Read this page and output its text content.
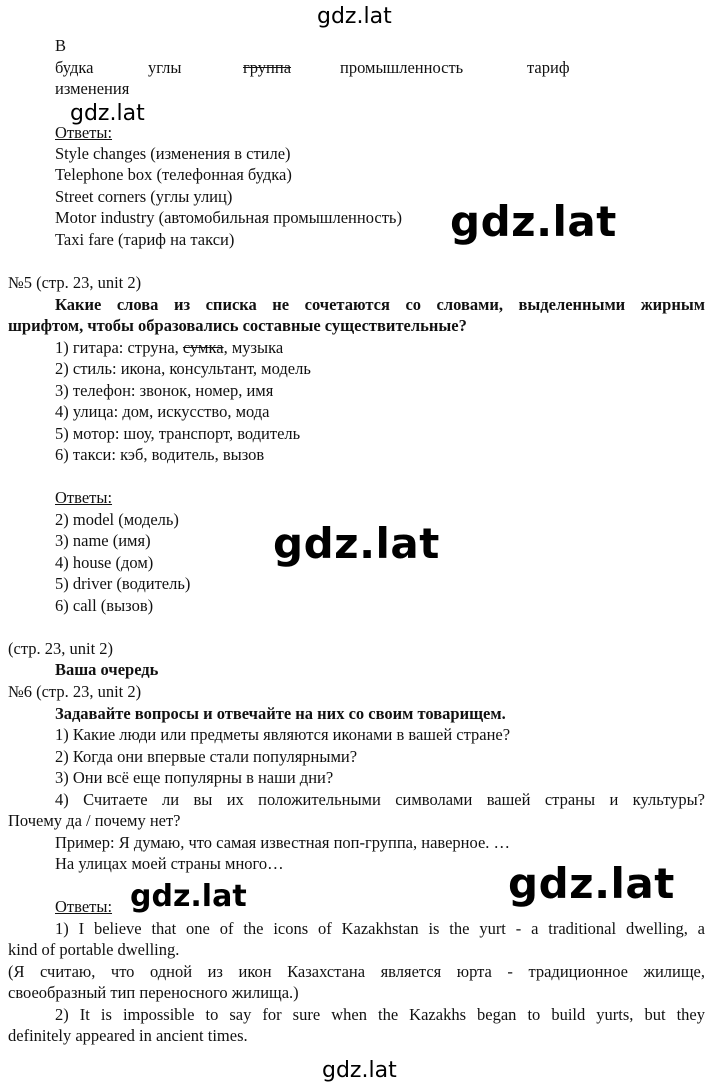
gdz.lat
gdz.lat
gdz.lat
gdz.lat
gdz.lat
gdz.lat
gdz.lat
В
будка	углы	группа	промышленность	тариф
изменения
Ответы:
Style changes (изменения в стиле)
Telephone box (телефонная будка)
Street corners (углы улиц)
Motor industry (автомобильная промышленность)
Taxi fare (тариф на такси)
№5 (стр. 23, unit 2)
Какие слова из списка не сочетаются со словами, выделенными жирным
шрифтом, чтобы образовались составные существительные?
1) гитара: струна, сумка, музыка
2) стиль: икона, консультант, модель
3) телефон: звонок, номер, имя
4) улица: дом, искусство, мода
5) мотор: шоу, транспорт, водитель
6) такси: кэб, водитель, вызов
Ответы:
2) model (модель)
3) name (имя)
4) house (дом)
5) driver (водитель)
6) call (вызов)
(стр. 23, unit 2)
Ваша очередь
№6 (стр. 23, unit 2)
Задавайте вопросы и отвечайте на них со своим товарищем.
1) Какие люди или предметы являются иконами в вашей стране?
2) Когда они впервые стали популярными?
3) Они всё еще популярны в наши дни?
4) Считаете ли вы их положительными символами вашей страны и культуры?
Почему да / почему нет?
Пример: Я думаю, что самая известная поп-группа, наверное. …
На улицах моей страны много…
Ответы:
1) I believe that one of the icons of Kazakhstan is the yurt - a traditional dwelling, a
kind of portable dwelling.
(Я считаю, что одной из икон Казахстана является юрта - традиционное жилище,
своеобразный тип переносного жилища.)
2) It is impossible to say for sure when the Kazakhs began to build yurts, but they
definitely appeared in ancient times.
